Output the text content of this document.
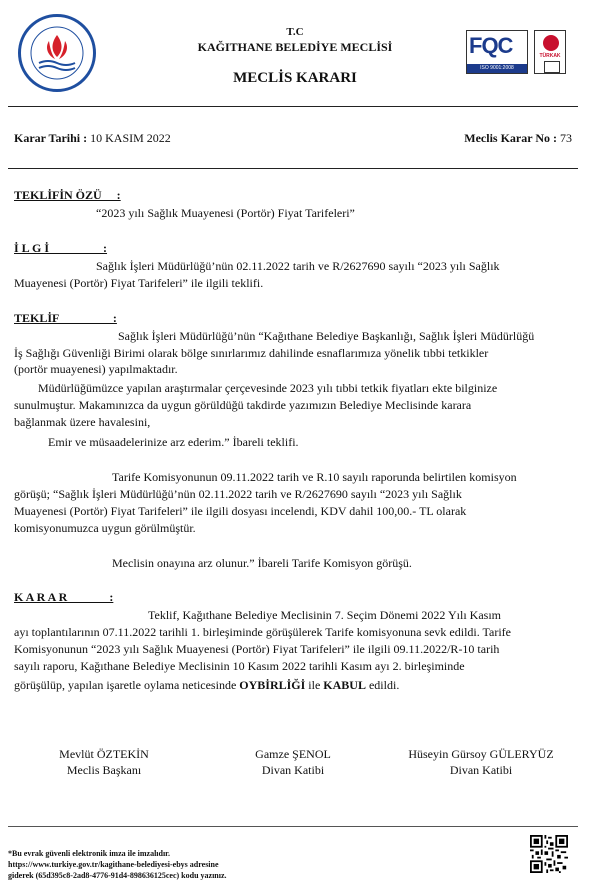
T.C
KAĞITHANE BELEDİYE MECLİSİ
MECLİS KARARI
FQC
ISO 9001:2008
TÜRKAK
Karar Tarihi : 10 KASIM 2022	Meclis Karar No : 73
TEKLİFİN ÖZÜ     :
“2023 yılı Sağlık Muayenesi (Portör) Fiyat Tarifeleri”
İ L G İ                  :
Sağlık İşleri Müdürlüğü’nün 02.11.2022 tarih ve R/2627690 sayılı “2023 yılı Sağlık
Muayenesi (Portör) Fiyat Tarifeleri” ile ilgili teklifi.
TEKLİF                  :
Sağlık İşleri Müdürlüğü’nün “Kağıthane Belediye Başkanlığı, Sağlık İşleri Müdürlüğü
İş Sağlığı Güvenliği Birimi olarak bölge sınırlarımız dahilinde esnaflarımıza yönelik tıbbi tetkikler
(portör muayenesi) yapılmaktadır.
Müdürlüğümüzce yapılan araştırmalar çerçevesinde 2023 yılı tıbbi tetkik fiyatları ekte bilginize
sunulmuştur. Makamınızca da uygun görüldüğü takdirde yazımızın Belediye Meclisinde karara
bağlanmak üzere havalesini,
Emir ve müsaadelerinize arz ederim.” İbareli teklifi.
Tarife Komisyonunun 09.11.2022 tarih ve R.10 sayılı raporunda belirtilen komisyon
görüşü; “Sağlık İşleri Müdürlüğü’nün 02.11.2022 tarih ve R/2627690 sayılı “2023 yılı Sağlık
Muayenesi (Portör) Fiyat Tarifeleri” ile ilgili dosyası incelendi, KDV dahil 100,00.- TL olarak
komisyonumuzca uygun görülmüştür.
Meclisin onayına arz olunur.” İbareli Tarife Komisyon görüşü.
K A R A R              :
Teklif, Kağıthane Belediye Meclisinin 7. Seçim Dönemi 2022 Yılı Kasım
ayı toplantılarının 07.11.2022 tarihli 1. birleşiminde görüşülerek Tarife komisyonuna sevk edildi. Tarife
Komisyonunun “2023 yılı Sağlık Muayenesi (Portör) Fiyat Tarifeleri” ile ilgili 09.11.2022/R-10 tarih
sayılı raporu, Kağıthane Belediye Meclisinin 10 Kasım 2022 tarihli Kasım ayı 2. birleşiminde
görüşülüp, yapılan işaretle oylama neticesinde OYBİRLİĞİ ile KABUL edildi.
Mevlüt ÖZTEKİN
Meclis Başkanı
Gamze ŞENOL
Divan Katibi
Hüseyin Gürsoy GÜLERYÜZ
Divan Katibi
*Bu evrak güvenli elektronik imza ile imzalıdır.
https://www.turkiye.gov.tr/kagithane-belediyesi-ebys adresine
giderek (65d395c8-2ad8-4776-91d4-898636125cec) kodu yazınız.
